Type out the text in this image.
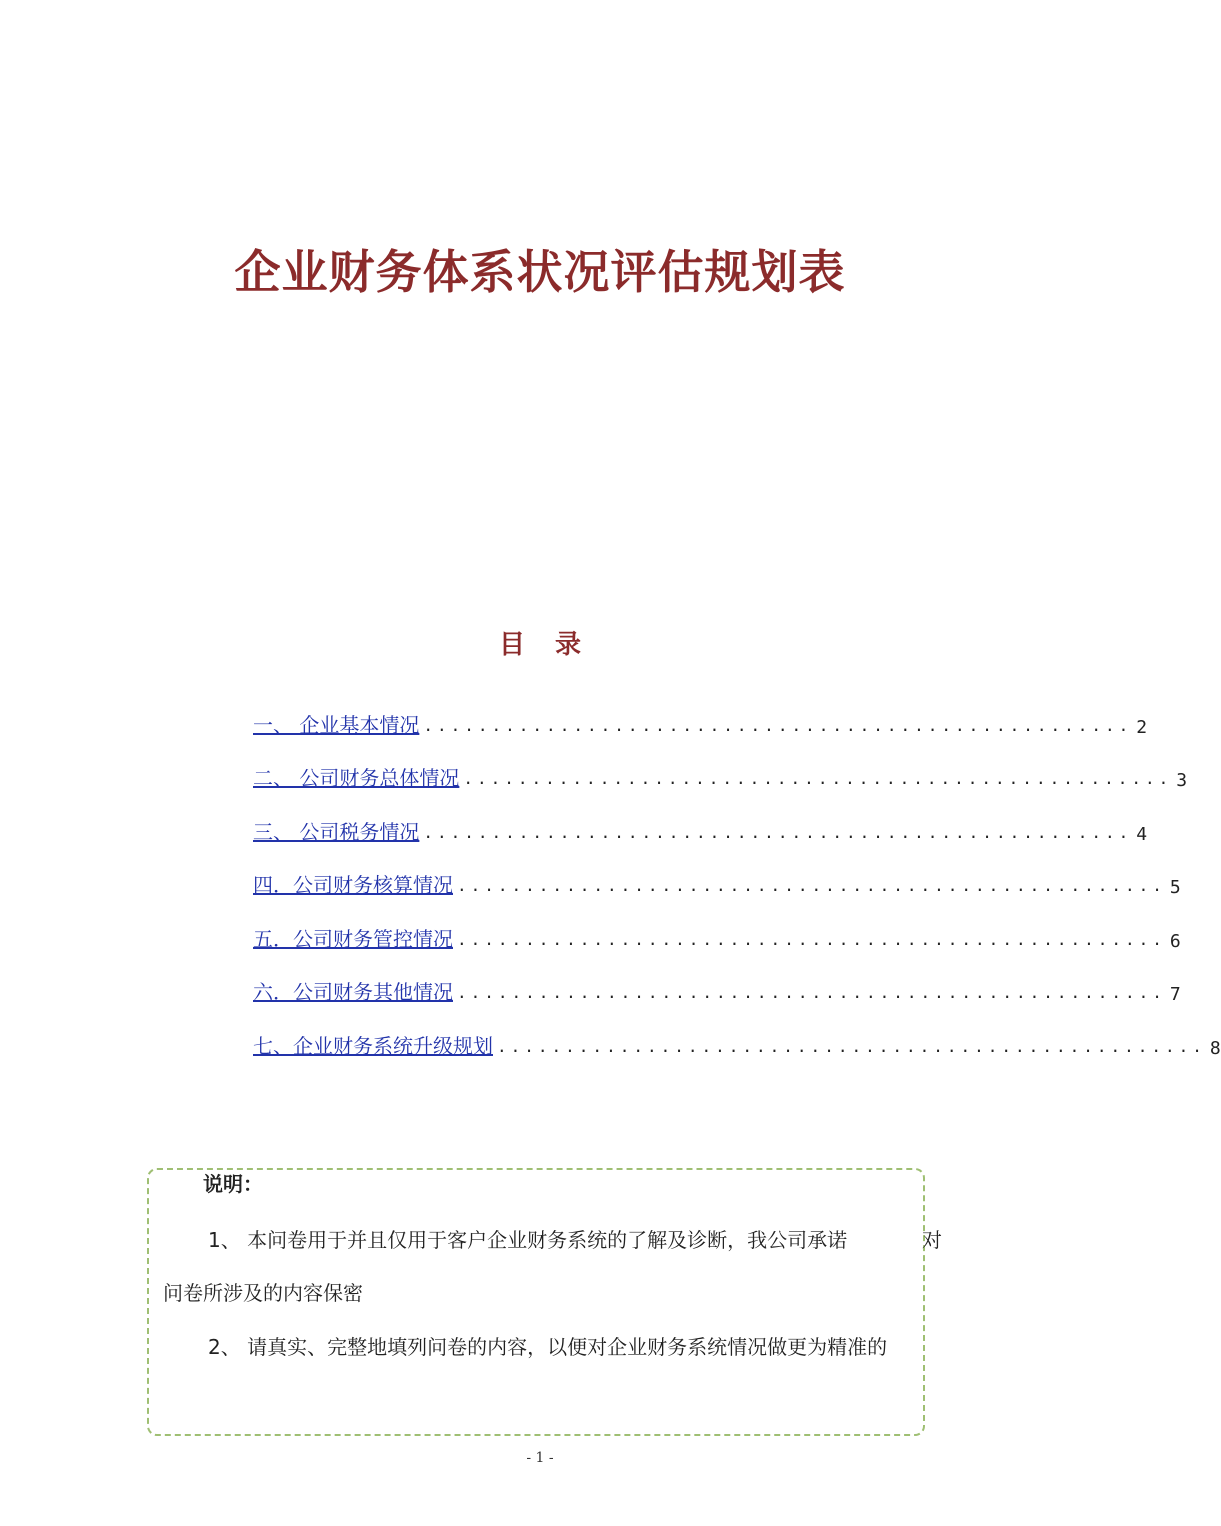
企业财务体系状况评估规划表
目录
一、 企业基本情况 .................................................... 2
二、 公司财务总体情况 .................................................... 3
三、 公司税务情况 .................................................... 4
四．公司财务核算情况 .................................................... 5
五．公司财务管控情况 .................................................... 6
六．公司财务其他情况 .................................................... 7
七、企业财务系统升级规划 .................................................... 8
说明：
1、 本问卷用于并且仅用于客户企业财务系统的了解及诊断，我公司承诺	对
问卷所涉及的内容保密
2、 请真实、完整地填列问卷的内容，以便对企业财务系统情况做更为精准的
- 1 -
